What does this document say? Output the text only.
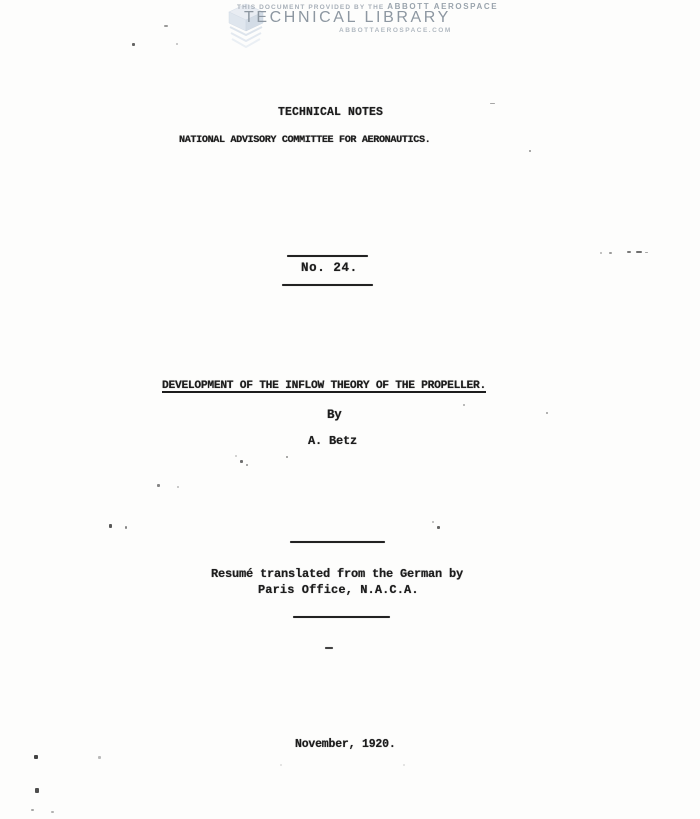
THIS DOCUMENT PROVIDED BY THE ABBOTT AEROSPACE
TECHNICAL LIBRARY
ABBOTTAEROSPACE.COM
TECHNICAL NOTES
NATIONAL ADVISORY COMMITTEE FOR AERONAUTICS.
No. 24.
DEVELOPMENT OF THE INFLOW THEORY OF THE PROPELLER.
By
A. Betz
Resumé translated from the German by
Paris Office, N.A.C.A.
November, 1920.
